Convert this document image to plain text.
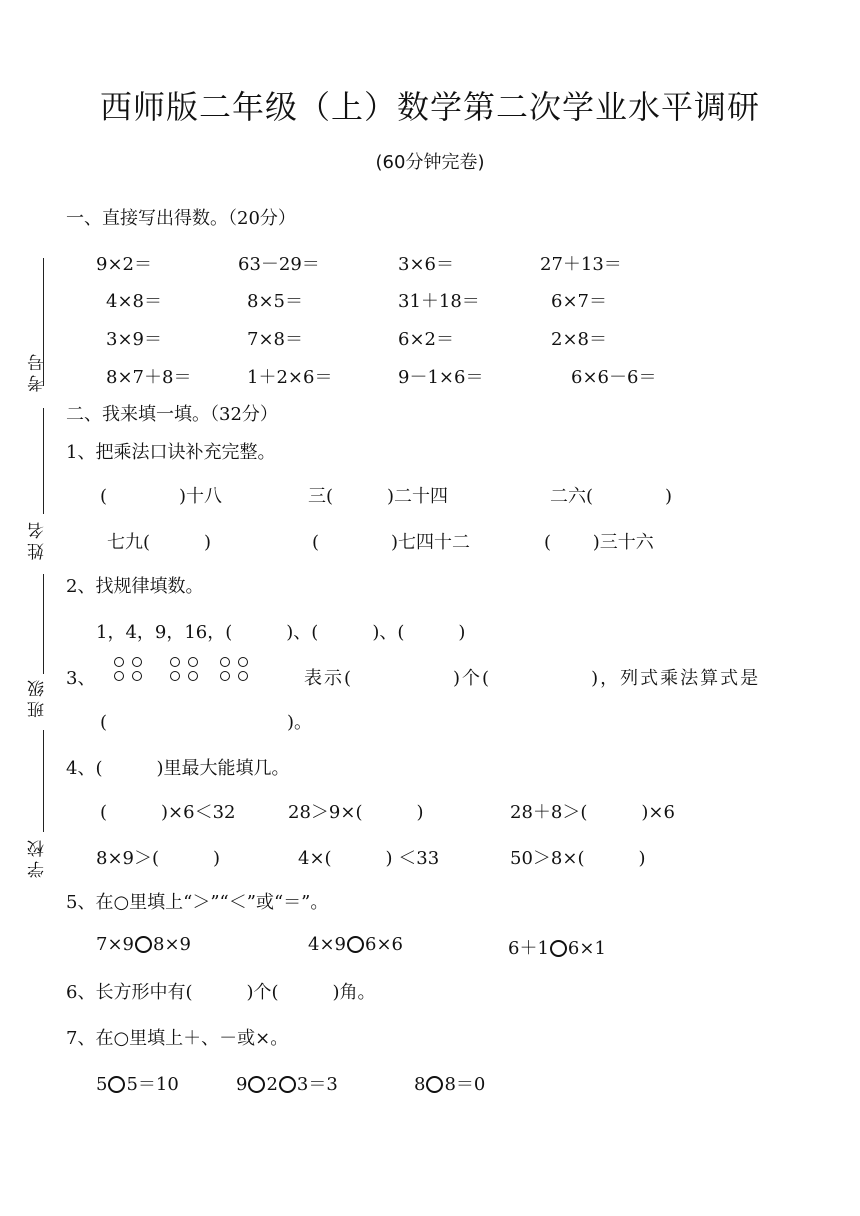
西师版二年级（上）数学第二次学业水平调研
(60分钟完卷)
考号
姓名
班级
学校
一、直接写出得数。（20分）
9×2＝	63－29＝	3×6＝	27＋13＝
4×8＝	8×5＝	31＋18＝	6×7＝
3×9＝	7×8＝	6×2＝	2×8＝
8×7＋8＝	1＋2×6＝	9－1×6＝	6×6－6＝
二、我来填一填。（32分）
1、把乘法口诀补充完整。
(　　　　)十八	三(　　　)二十四	二六(　　　　)
七九(　　　)	(　　　　)七四十二	(　　 )三十六
2、找规律填数。
1，4，9，16，(　　　)、(　　　)、(　　　)
3、	表示(　　　　　)个(　　　　　)，列式乘法算式是
(　　　　　　　　　　)。
4、(　　　)里最大能填几。
(　　　)×6＜32	28＞9×(　　　)	28＋8＞(　　　)×6
8×9＞(　　　)	4×(　　　) ＜33	50＞8×(　　　)
5、在○里填上“＞”“＜”或“＝”。
7×9 8×9	4×9 6×6	6＋1 6×1
6、长方形中有(　　　)个(　　　)角。
7、在○里填上＋、－或×。
5 5＝10	9 2 3＝3	8 8＝0
